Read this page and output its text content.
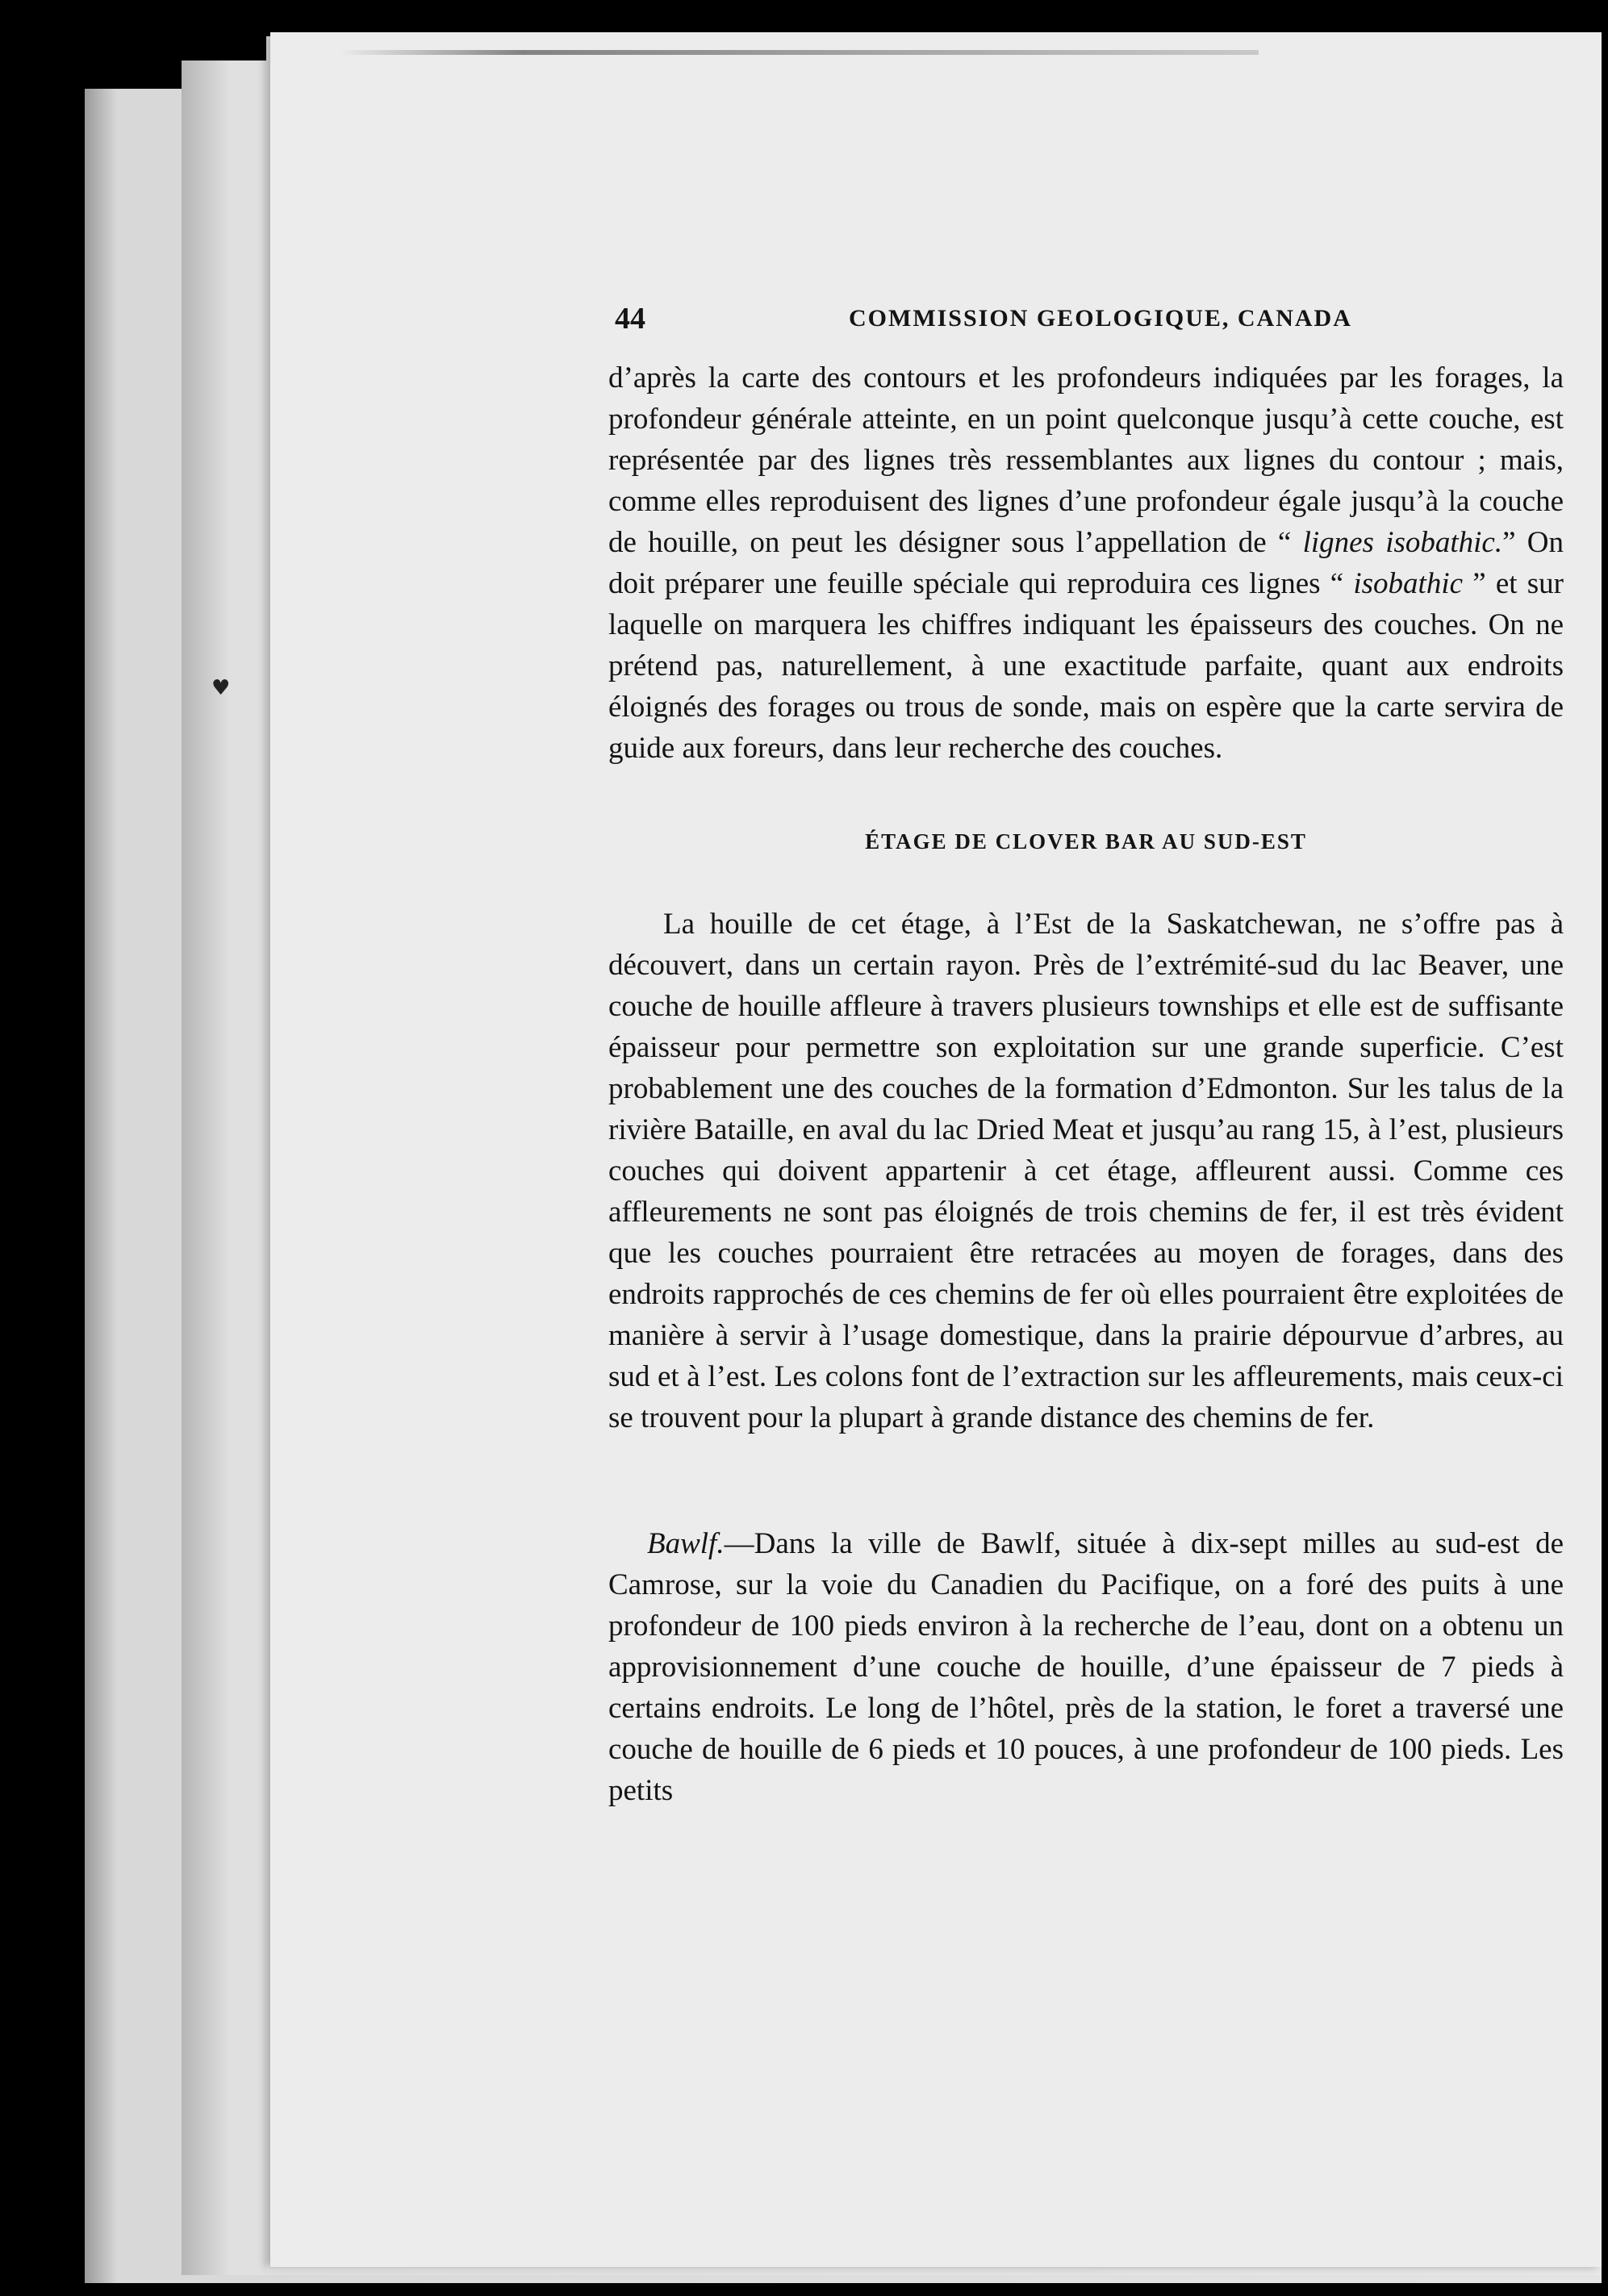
♥
44	COMMISSION GEOLOGIQUE, CANADA

d’après la carte des contours et les profondeurs indiquées par les forages, la profondeur générale atteinte, en un point quelconque jusqu’à cette couche, est représentée par des lignes très ressemblantes aux lignes du contour ; mais, comme elles reproduisent des lignes d’une profondeur égale jusqu’à la couche de houille, on peut les désigner sous l’appellation de “ lignes isobathic.” On doit préparer une feuille spéciale qui reproduira ces lignes “ isobathic ” et sur laquelle on marquera les chiffres indiquant les épaisseurs des couches. On ne prétend pas, naturellement, à une exactitude parfaite, quant aux endroits éloignés des forages ou trous de sonde, mais on espère que la carte servira de guide aux foreurs, dans leur recherche des couches.

ÉTAGE DE CLOVER BAR AU SUD-EST

La houille de cet étage, à l’Est de la Saskatchewan, ne s’offre pas à découvert, dans un certain rayon. Près de l’extrémité-sud du lac Beaver, une couche de houille affleure à travers plusieurs townships et elle est de suffisante épaisseur pour permettre son exploitation sur une grande superficie. C’est probablement une des couches de la formation d’Edmonton. Sur les talus de la rivière Bataille, en aval du lac Dried Meat et jusqu’au rang 15, à l’est, plusieurs couches qui doivent appartenir à cet étage, affleurent aussi. Comme ces affleurements ne sont pas éloignés de trois chemins de fer, il est très évident que les couches pourraient être retracées au moyen de forages, dans des endroits rapprochés de ces chemins de fer où elles pourraient être exploitées de manière à servir à l’usage domestique, dans la prairie dépourvue d’arbres, au sud et à l’est. Les colons font de l’extraction sur les affleurements, mais ceux-ci se trouvent pour la plupart à grande distance des chemins de fer.

Bawlf.—Dans la ville de Bawlf, située à dix-sept milles au sud-est de Camrose, sur la voie du Canadien du Pacifique, on a foré des puits à une profondeur de 100 pieds environ à la recherche de l’eau, dont on a obtenu un approvisionnement d’une couche de houille, d’une épaisseur de 7 pieds à certains endroits. Le long de l’hôtel, près de la station, le foret a traversé une couche de houille de 6 pieds et 10 pouces, à une profondeur de 100 pieds. Les petits
